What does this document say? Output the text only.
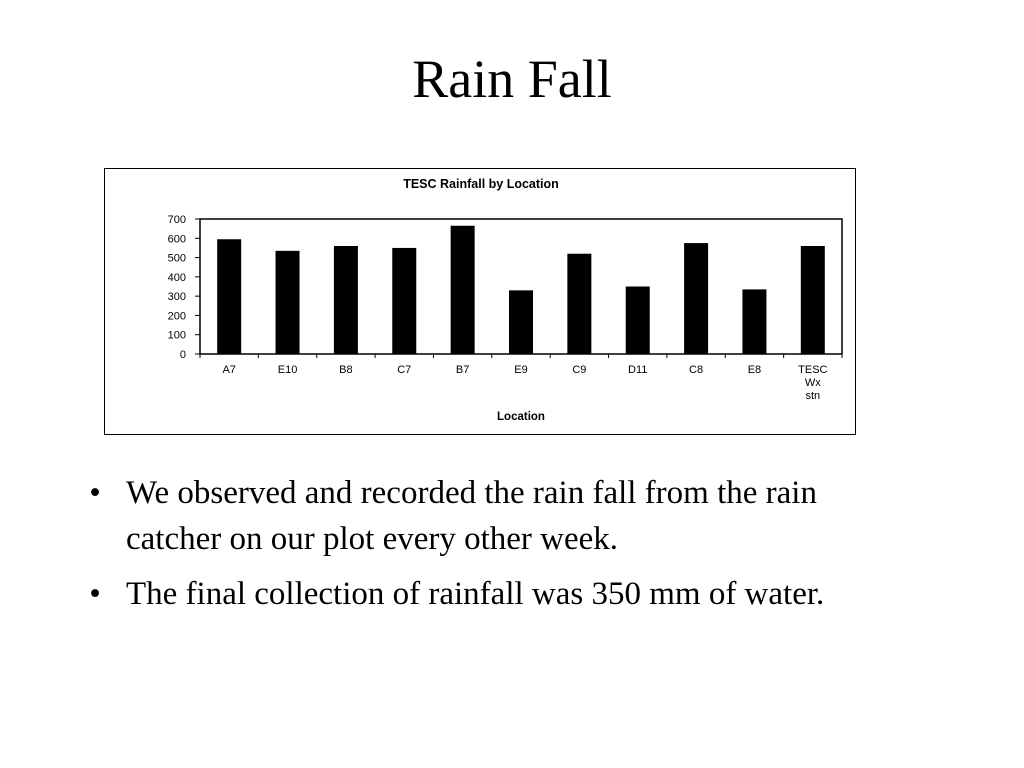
Rain Fall
TESC Rainfall by Location
0
100
200
300
400
500
600
700
A7	E10	B8	C7	B7	E9	C9	D11	C8	E8	TESC Wx stn
Location
• We observed and recorded the rain fall from the rain catcher on our plot every other week.
• The final collection of rainfall was 350 mm of water.
